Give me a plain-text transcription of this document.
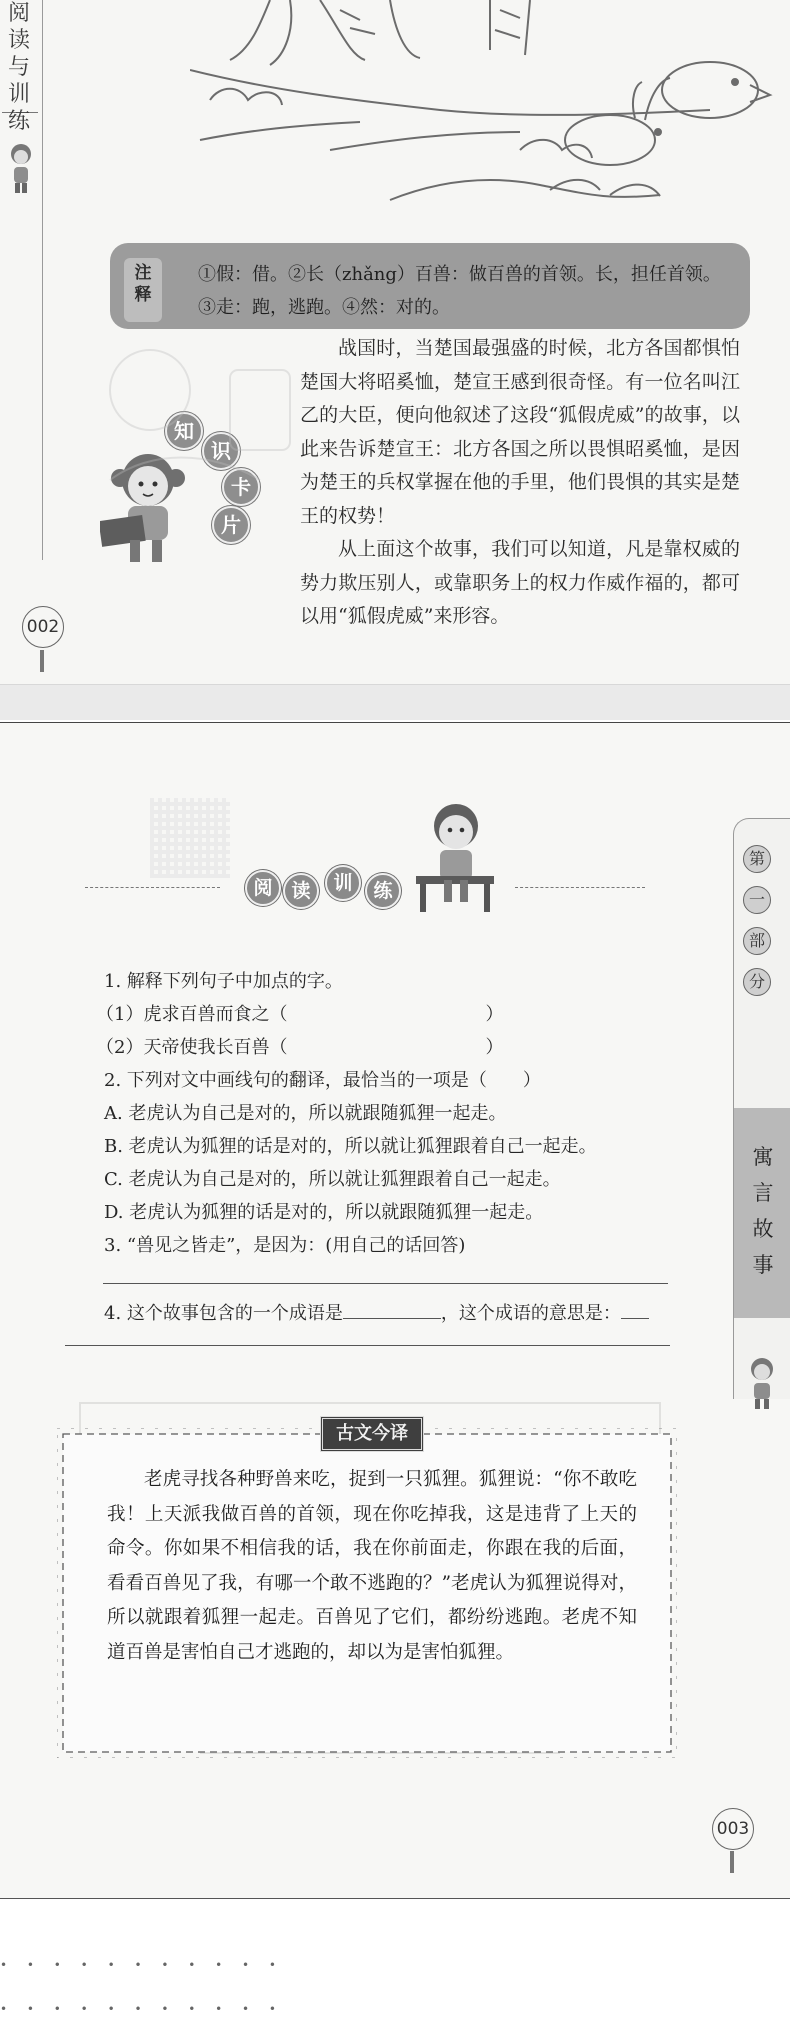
阅读与训练
002
注释
①假：借。②长（zhǎng）百兽：做百兽的首领。长，担任首领。
③走：跑，逃跑。④然：对的。
知
识
卡
片

战国时，当楚国最强盛的时候，北方各国都惧怕楚国大将昭奚恤，楚宣王感到很奇怪。有一位名叫江乙的大臣，便向他叙述了这段“狐假虎威”的故事，以此来告诉楚宣王：北方各国之所以畏惧昭奚恤，是因为楚王的兵权掌握在他的手里，他们畏惧的其实是楚王的权势！

从上面这个故事，我们可以知道，凡是靠权威的势力欺压别人，或靠职务上的权力作威作福的，都可以用“狐假虎威”来形容。

阅 读	训	练
1. 解释下列句子中加点的字。
（1）虎求百兽而食之（　　　　　　　　　　　）
（2）天帝使我长百兽（　　　　　　　　　　　）
2. 下列对文中画线句的翻译，最恰当的一项是（　　）
A. 老虎认为自己是对的，所以就跟随狐狸一起走。
B. 老虎认为狐狸的话是对的，所以就让狐狸跟着自己一起走。
C. 老虎认为自己是对的，所以就让狐狸跟着自己一起走。
D. 老虎认为狐狸的话是对的，所以就跟随狐狸一起走。
3. “兽见之皆走”，是因为：(用自己的话回答)
4. 这个故事包含的一个成语是	，这个成语的意思是：
古文今译

老虎寻找各种野兽来吃，捉到一只狐狸。狐狸说：“你不敢吃我！上天派我做百兽的首领，现在你吃掉我，这是违背了上天的命令。你如果不相信我的话，我在你前面走，你跟在我的后面，看看百兽见了我，有哪一个敢不逃跑的？”老虎认为狐狸说得对，所以就跟着狐狸一起走。百兽见了它们，都纷纷逃跑。老虎不知道百兽是害怕自己才逃跑的，却以为是害怕狐狸。

第
一
部
分
寓
言
故
事
003
• • • • • • • • • • •
• • • • • • • • • • •
